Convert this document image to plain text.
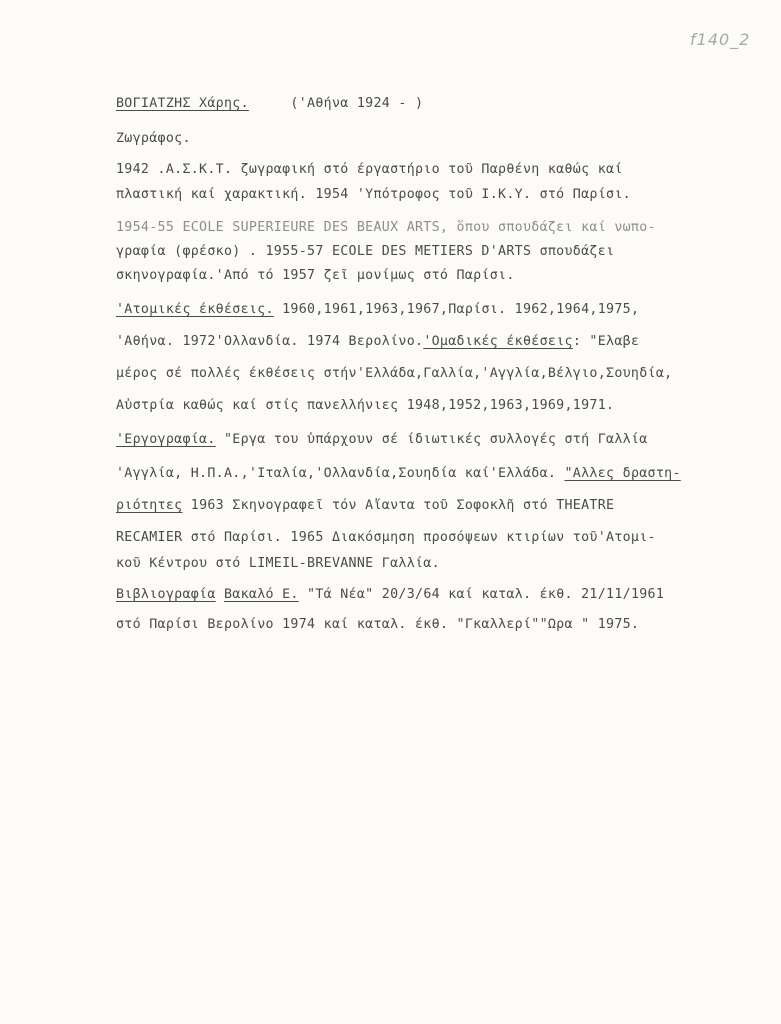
f140_2
ΒΟΓΙΑΤΖΗΣ Χάρης.	('Αθήνα 1924 - )
Ζωγράφος.
1942 .Α.Σ.Κ.Τ. ζωγραφική στό έργαστήριο τοῦ Παρθένη καθώς καί
πλαστική καί χαρακτική. 1954 'Υπότροφος τοῦ Ι.Κ.Υ. στό Παρίσι.
1954-55 ECOLE SUPERIEURE DES BEAUX ARTS, ὅπου σπουδάζει καί νωπο-
γραφία (φρέσκο) . 1955-57 ECOLE DES METIERS D'ARTS σπουδάζει
σκηνογραφία.'Από τό 1957 ζεῖ μονίμως στό Παρίσι.
'Ατομικές έκθέσεις. 1960,1961,1963,1967,Παρίσι. 1962,1964,1975,
'Αθήνα. 1972'Ολλανδία. 1974 Βερολίνο.'Ομαδικές έκθέσεις: "Ελαβε
μέρος σέ πολλές έκθέσεις στήν'Ελλάδα,Γαλλία,'Αγγλία,Βέλγιο,Σουηδία,
Αὐστρία καθώς καί στίς πανελλήνιες 1948,1952,1963,1969,1971.
'Εργογραφία. "Εργα του ὑπάρχουν σέ ίδιωτικές συλλογές στή Γαλλία
'Αγγλία, Η.Π.Α.,'Ιταλία,'Ολλανδία,Σουηδία καί'Ελλάδα. "Αλλες δραστη-
ριότητες 1963 Σκηνογραφεῖ τόν Αἴαντα τοῦ Σοφοκλῆ στό THEATRE
RECAMIER στό Παρίσι. 1965 Διακόσμηση προσόψεων κτιρίων τοῦ'Ατομι-
κοῦ Κέντρου στό LIMEIL-BREVANNE Γαλλία.
Βιβλιογραφία Βακαλό Ε. "Τά Νέα" 20/3/64 καί καταλ. έκθ. 21/11/1961
στό Παρίσι Βερολίνο 1974 καί καταλ. έκθ. "Γκαλλερί""Ωρα " 1975.
